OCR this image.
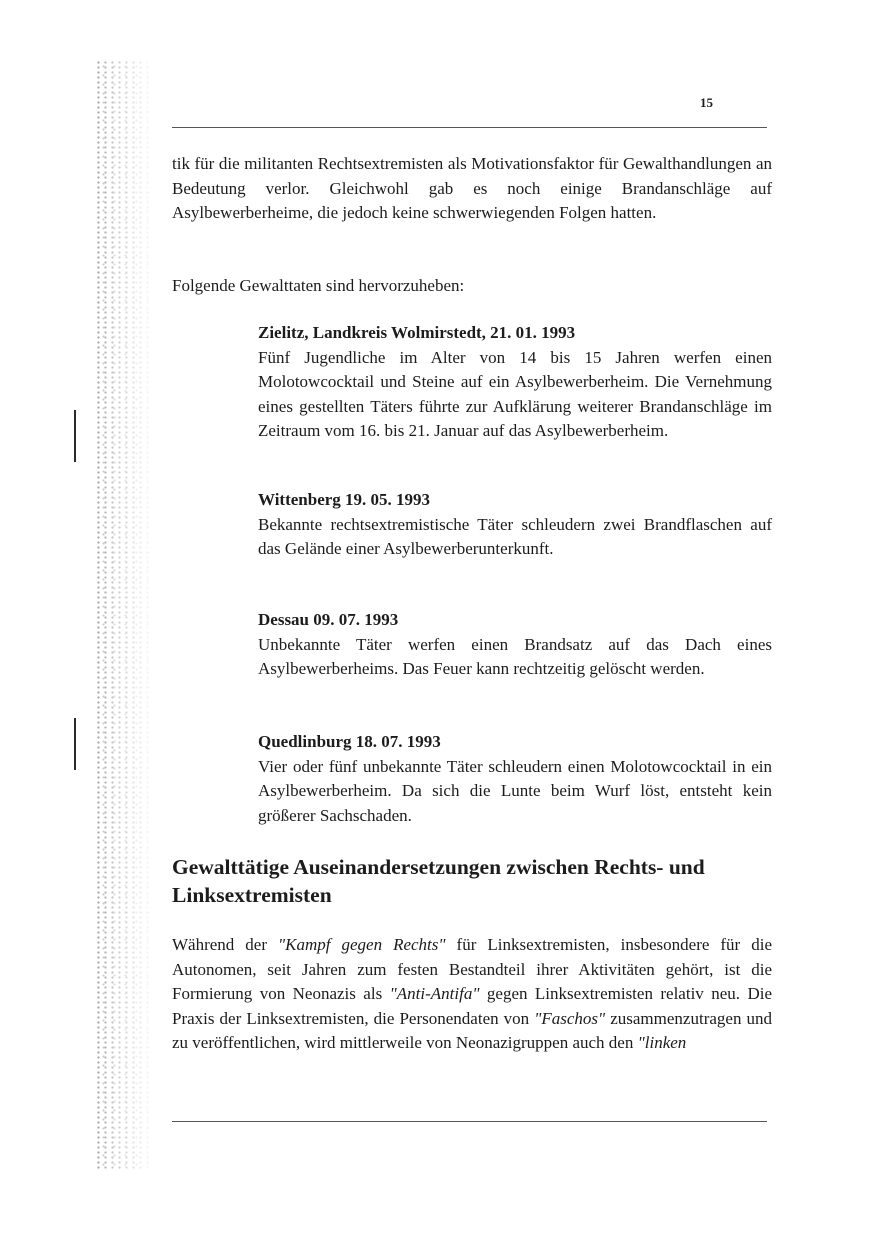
15
tik für die militanten Rechtsextremisten als Motivationsfaktor für Gewalthandlungen an Bedeutung verlor. Gleichwohl gab es noch einige Brandanschläge auf Asylbewerberheime, die jedoch keine schwerwiegenden Folgen hatten.
Folgende Gewalttaten sind hervorzuheben:
Zielitz, Landkreis Wolmirstedt, 21. 01. 1993
Fünf Jugendliche im Alter von 14 bis 15 Jahren werfen einen Molotowcocktail und Steine auf ein Asylbewerberheim. Die Vernehmung eines gestellten Täters führte zur Aufklärung weiterer Brandanschläge im Zeitraum vom 16. bis 21. Januar auf das Asylbewerberheim.
Wittenberg 19. 05. 1993
Bekannte rechtsextremistische Täter schleudern zwei Brandflaschen auf das Gelände einer Asylbewerberunterkunft.
Dessau 09. 07. 1993
Unbekannte Täter werfen einen Brandsatz auf das Dach eines Asylbewerberheims. Das Feuer kann rechtzeitig gelöscht werden.
Quedlinburg 18. 07. 1993
Vier oder fünf unbekannte Täter schleudern einen Molotowcocktail in ein Asylbewerberheim. Da sich die Lunte beim Wurf löst, entsteht kein größerer Sachschaden.
Gewalttätige Auseinandersetzungen zwischen Rechts- und Linksextremisten
Während der "Kampf gegen Rechts" für Linksextremisten, insbesondere für die Autonomen, seit Jahren zum festen Bestandteil ihrer Aktivitäten gehört, ist die Formierung von Neonazis als "Anti-Antifa" gegen Linksextremisten relativ neu. Die Praxis der Linksextremisten, die Personendaten von "Faschos" zusammenzutragen und zu veröffentlichen, wird mittlerweile von Neonazigruppen auch den "linken
